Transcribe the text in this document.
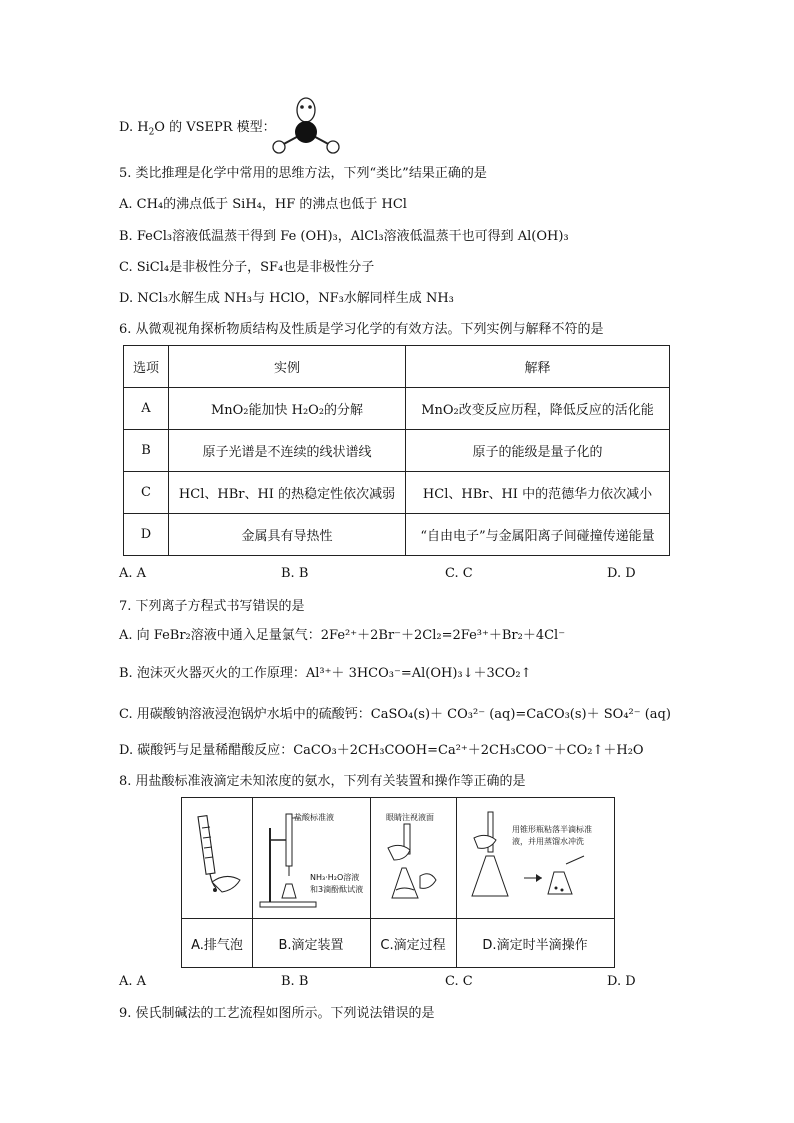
D. $H_2O$ 的 VSEPR 模型：
5. 类比推理是化学中常用的思维方法，下列“类比”结果正确的是
A. CH₄的沸点低于 SiH₄，HF 的沸点也低于 HCl
B. FeCl₃溶液低温蒸干得到 Fe (OH)₃，AlCl₃溶液低温蒸干也可得到 Al(OH)₃
C. SiCl₄是非极性分子，SF₄也是非极性分子
D. NCl₃水解生成 NH₃与 HClO，NF₃水解同样生成 NH₃
6. 从微观视角探析物质结构及性质是学习化学的有效方法。下列实例与解释不符的是
选项	实例	解释
A	MnO₂能加快 H₂O₂的分解	MnO₂改变反应历程，降低反应的活化能
B	原子光谱是不连续的线状谱线	原子的能级是量子化的
C	HCl、HBr、HI 的热稳定性依次减弱	HCl、HBr、HI 中的范德华力依次减小
D	金属具有导热性	“自由电子”与金属阳离子间碰撞传递能量
A. A	B. B	C. C	D. D
7. 下列离子方程式书写错误的是
A. 向 FeBr₂溶液中通入足量氯气：2Fe²⁺＋2Br⁻＋2Cl₂=2Fe³⁺＋Br₂＋4Cl⁻
B. 泡沫灭火器灭火的工作原理：Al³⁺＋ 3HCO₃⁻=Al(OH)₃↓＋3CO₂↑
C. 用碳酸钠溶液浸泡锅炉水垢中的硫酸钙：CaSO₄(s)＋ CO₃²⁻ (aq)=CaCO₃(s)＋ SO₄²⁻ (aq)
D. 碳酸钙与足量稀醋酸反应：CaCO₃＋2CH₃COOH=Ca²⁺＋2CH₃COO⁻＋CO₂↑＋H₂O
8. 用盐酸标准液滴定未知浓度的氨水，下列有关装置和操作等正确的是
盐酸标准液
NH₃·H₂O溶液
和3滴酚酞试液
眼睛注视液面
用锥形瓶粘落半滴标准
液，并用蒸馏水冲洗
A.排气泡	B.滴定装置	C.滴定过程	D.滴定时半滴操作
A. A	B. B	C. C	D. D
9. 侯氏制碱法的工艺流程如图所示。下列说法错误的是
